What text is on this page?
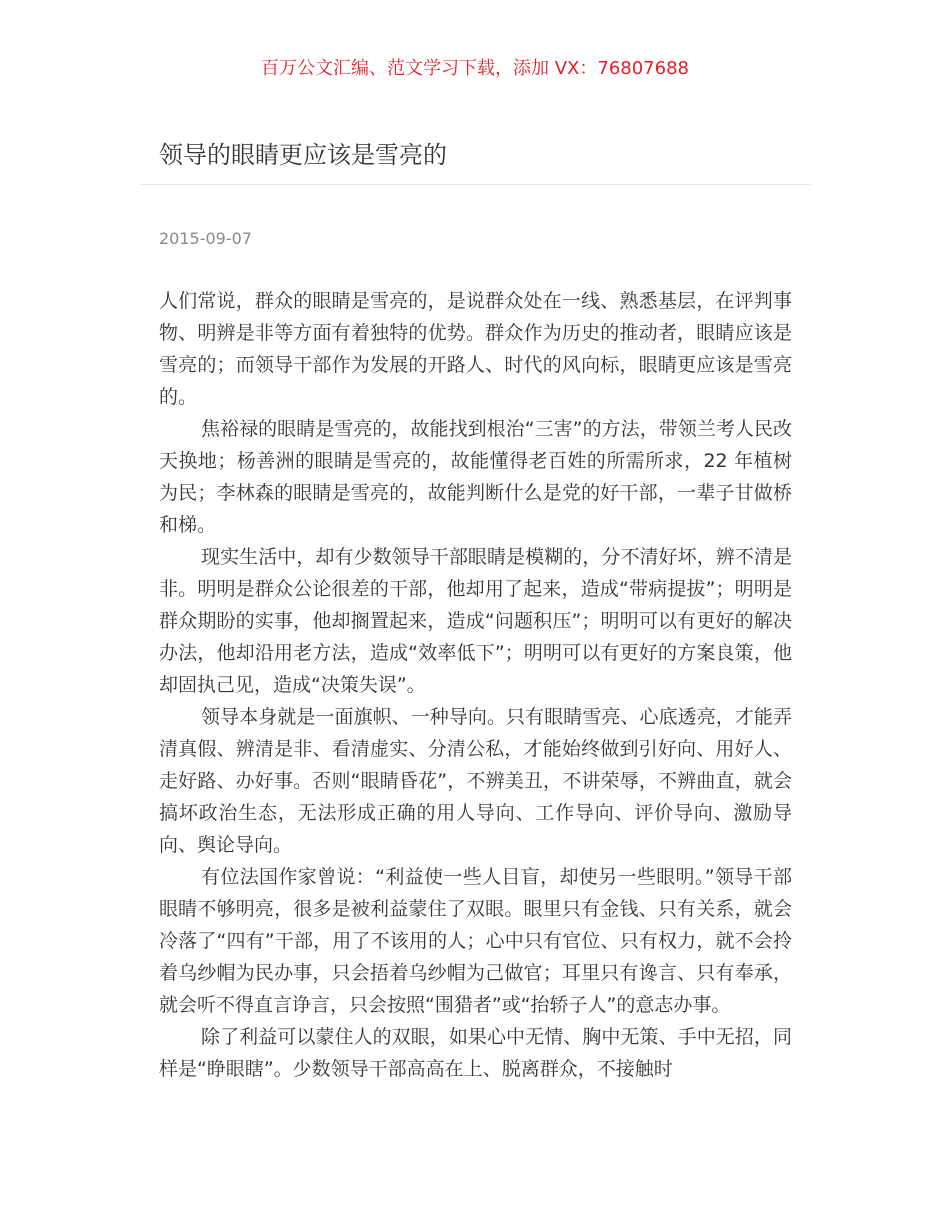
百万公文汇编、范文学习下载，添加 VX：76807688
领导的眼睛更应该是雪亮的
2015-09-07

人们常说，群众的眼睛是雪亮的，是说群众处在一线、熟悉基层，在评判事物、明辨是非等方面有着独特的优势。群众作为历史的推动者，眼睛应该是雪亮的；而领导干部作为发展的开路人、时代的风向标，眼睛更应该是雪亮的。

焦裕禄的眼睛是雪亮的，故能找到根治“三害”的方法，带领兰考人民改天换地；杨善洲的眼睛是雪亮的，故能懂得老百姓的所需所求，22 年植树为民；李林森的眼睛是雪亮的，故能判断什么是党的好干部，一辈子甘做桥和梯。

现实生活中，却有少数领导干部眼睛是模糊的，分不清好坏，辨不清是非。明明是群众公论很差的干部，他却用了起来，造成“带病提拔”；明明是群众期盼的实事，他却搁置起来，造成“问题积压”；明明可以有更好的解决办法，他却沿用老方法，造成“效率低下”；明明可以有更好的方案良策，他却固执己见，造成“决策失误”。

领导本身就是一面旗帜、一种导向。只有眼睛雪亮、心底透亮，才能弄清真假、辨清是非、看清虚实、分清公私，才能始终做到引好向、用好人、走好路、办好事。否则“眼睛昏花”，不辨美丑，不讲荣辱，不辨曲直，就会搞坏政治生态，无法形成正确的用人导向、工作导向、评价导向、激励导向、舆论导向。

有位法国作家曾说：“利益使一些人目盲，却使另一些眼明。”领导干部眼睛不够明亮，很多是被利益蒙住了双眼。眼里只有金钱、只有关系，就会冷落了“四有”干部，用了不该用的人；心中只有官位、只有权力，就不会拎着乌纱帽为民办事，只会捂着乌纱帽为己做官；耳里只有谗言、只有奉承，就会听不得直言诤言，只会按照“围猎者”或“抬轿子人”的意志办事。

除了利益可以蒙住人的双眼，如果心中无情、胸中无策、手中无招，同样是“睁眼瞎”。少数领导干部高高在上、脱离群众，不接触时
